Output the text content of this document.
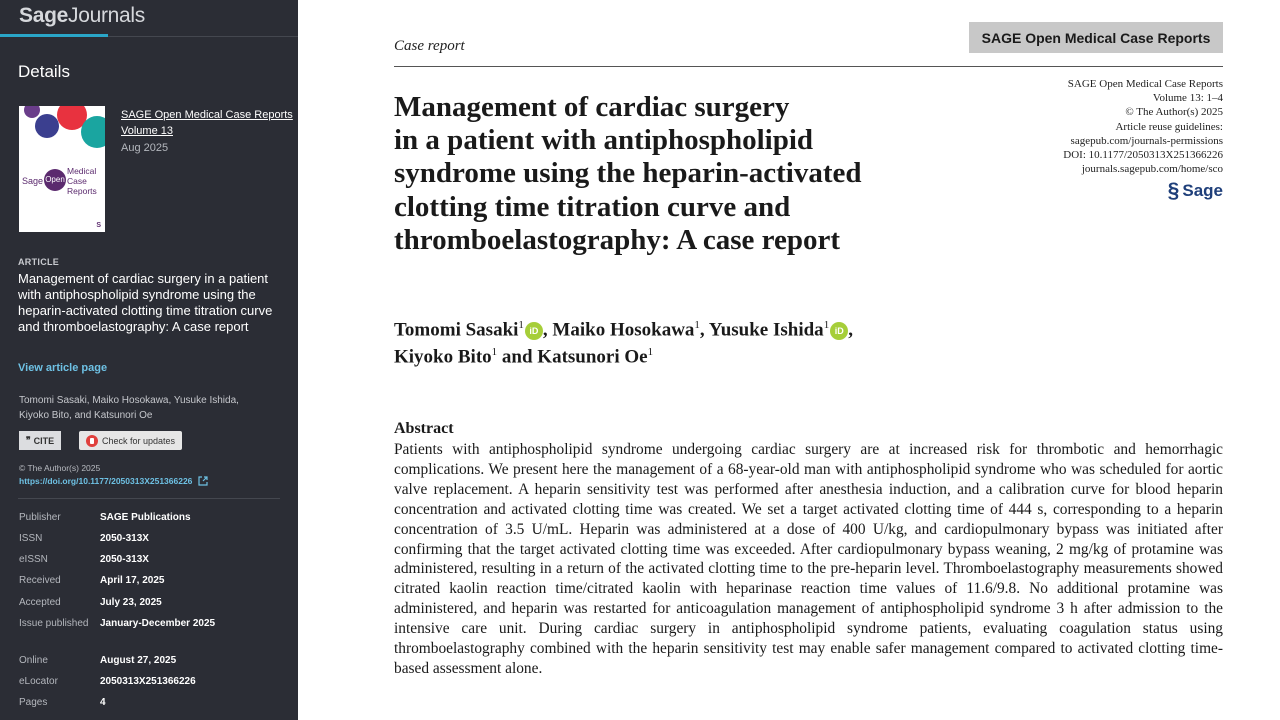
SageJournals
Details
Sage Open
Medical
Case
Reports
S
SAGE Open Medical Case Reports
Volume 13
Aug 2025
ARTICLE
Management of cardiac surgery in a patient with antiphospholipid syndrome using the heparin-activated clotting time titration curve and thromboelastography: A case report
View article page
Tomomi Sasaki, Maiko Hosokawa, Yusuke Ishida, Kiyoko Bito, and Katsunori Oe
❞ CITE	Check for updates
© The Author(s) 2025
https://doi.org/10.1177/2050313X251366226
Publisher	SAGE Publications
ISSN	2050-313X
eISSN	2050-313X
Received	April 17, 2025
Accepted	July 23, 2025
Issue published	January-December 2025
Online	August 27, 2025
eLocator	2050313X251366226
Pages	4
Case report
SAGE Open Medical Case Reports
SAGE Open Medical Case Reports
Volume 13: 1–4
© The Author(s) 2025
Article reuse guidelines:
sagepub.com/journals-permissions
DOI: 10.1177/2050313X251366226
journals.sagepub.com/home/sco
§ Sage
Management of cardiac surgery
in a patient with antiphospholipid
syndrome using the heparin-activated
clotting time titration curve and
thromboelastography: A case report
Tomomi Sasaki$^1$iD , Maiko Hosokawa$^1$, Yusuke Ishida$^1$iD ,
Kiyoko Bito$^1$ and Katsunori Oe$^1$
Abstract
Patients with antiphospholipid syndrome undergoing cardiac surgery are at increased risk for thrombotic and hemorrhagic complications. We present here the management of a 68-year-old man with antiphospholipid syndrome who was scheduled for aortic valve replacement. A heparin sensitivity test was performed after anesthesia induction, and a calibration curve for blood heparin concentration and activated clotting time was created. We set a target activated clotting time of 444 s, corresponding to a heparin concentration of 3.5 U/mL. Heparin was administered at a dose of 400 U/kg, and cardiopulmonary bypass was initiated after confirming that the target activated clotting time was exceeded. After cardiopulmonary bypass weaning, 2 mg/kg of protamine was administered, resulting in a return of the activated clotting time to the pre-heparin level. Thromboelastography measurements showed citrated kaolin reaction time/citrated kaolin with heparinase reaction time values of 11.6/9.8. No additional protamine was administered, and heparin was restarted for anticoagulation management of antiphospholipid syndrome 3 h after admission to the intensive care unit. During cardiac surgery in antiphospholipid syndrome patients, evaluating coagulation status using thromboelastography combined with the heparin sensitivity test may enable safer management compared to activated clotting time-based assessment alone.
